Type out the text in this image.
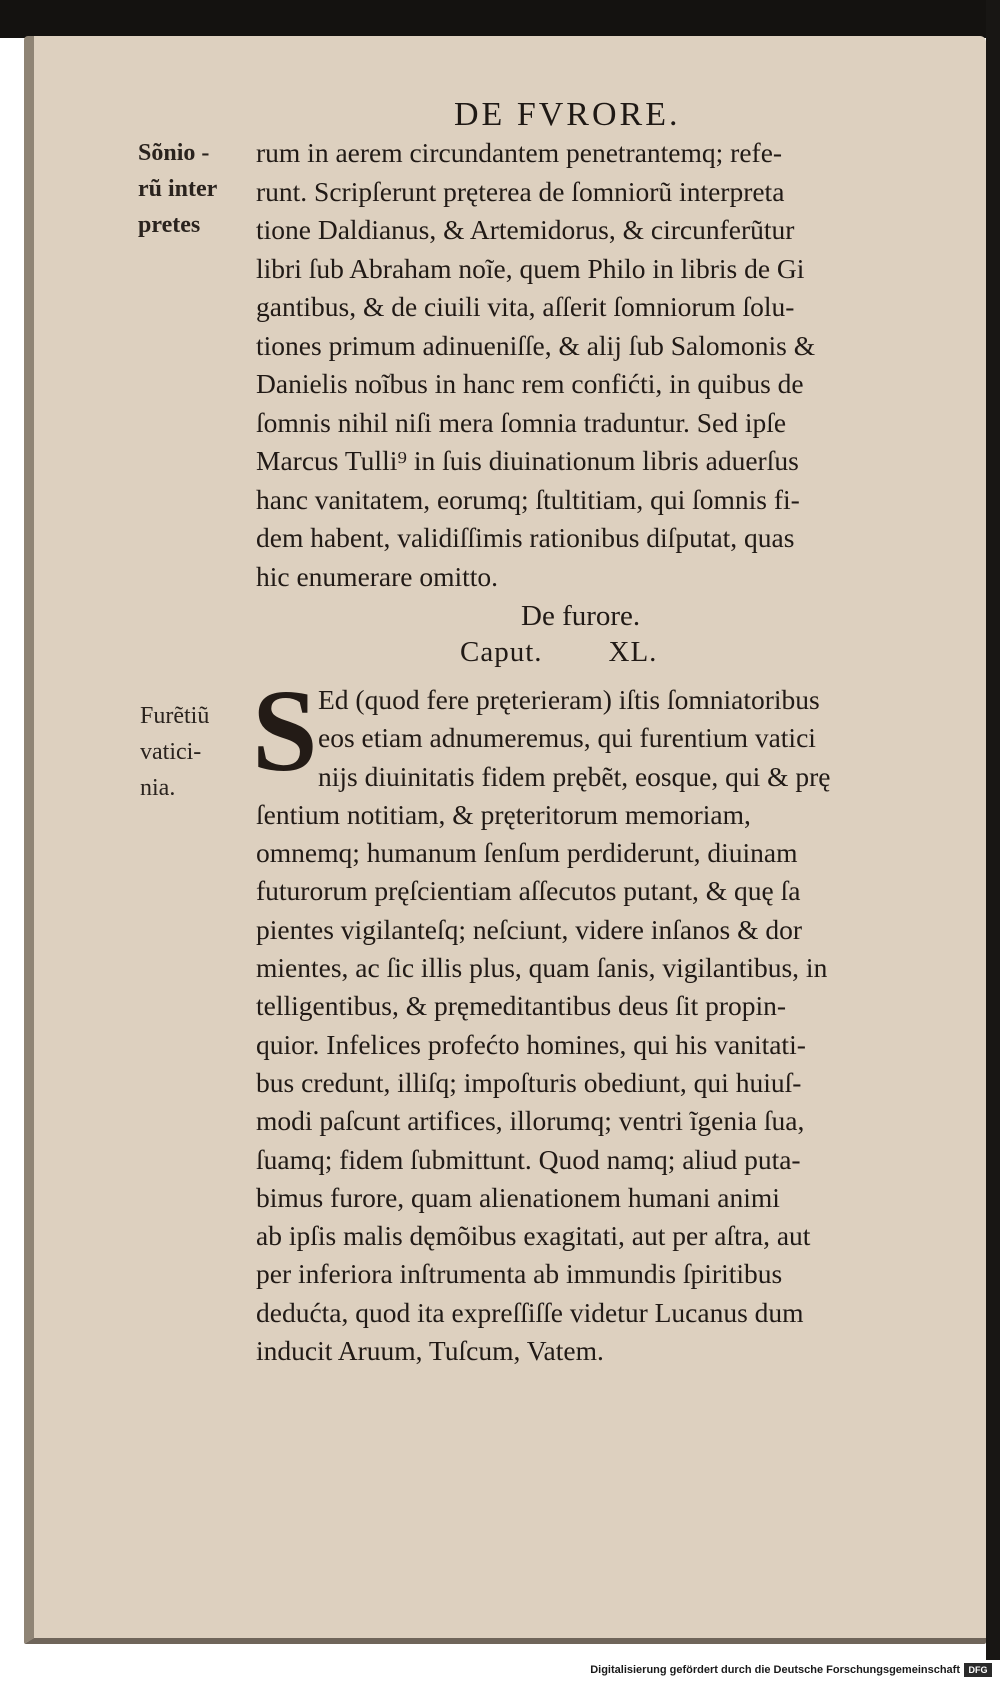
DE FVRORE.
Sõnio -
rũ inter
pretes
rum in aerem circundantem penetrantemq; refe-
runt. Scripſerunt pręterea de ſomniorũ interpreta
tione Daldianus, & Artemidorus, & circunferũtur
libri ſub Abraham noĩe, quem Philo in libris de Gi
gantibus, & de ciuili vita, aſſerit ſomniorum ſolu-
tiones primum adinueniſſe, & alij ſub Salomonis &
Danielis noĩbus in hanc rem confićti, in quibus de
ſomnis nihil niſi mera ſomnia traduntur. Sed ipſe
Marcus Tulli⁹ in ſuis diuinationum libris aduerſus
hanc vanitatem, eorumq; ſtultitiam, qui ſomnis fi-
dem habent, validiſſimis rationibus diſputat, quas
hic enumerare omitto.
De furore.
Caput.        XL.
Furẽtiũ
vatici-
nia. S Ed (quod fere pręterieram) iſtis ſomniatoribus
eos etiam adnumeremus, qui furentium vatici
nijs diuinitatis fidem prębẽt, eosque, qui & prę
ſentium notitiam, & pręteritorum memoriam,
omnemq; humanum ſenſum perdiderunt, diuinam
futurorum pręſcientiam aſſecutos putant, & quę ſa
pientes vigilanteſq; neſciunt, videre inſanos & dor
mientes, ac ſic illis plus, quam ſanis, vigilantibus, in
telligentibus, & pręmeditantibus deus ſit propin-
quior. Infelices profećto homines, qui his vanitati-
bus credunt, illiſq; impoſturis obediunt, qui huiuſ-
modi paſcunt artifices, illorumq; ventri ĩgenia ſua,
ſuamq; fidem ſubmittunt. Quod namq; aliud puta-
bimus furore, quam alienationem humani animi
ab ipſis malis dęmõibus exagitati, aut per aſtra, aut
per inferiora inſtrumenta ab immundis ſpiritibus
dedućta, quod ita expreſſiſſe videtur Lucanus dum
inducit Aruum, Tuſcum, Vatem.
Digitalisierung gefördert durch die Deutsche Forschungsgemeinschaft DFG
